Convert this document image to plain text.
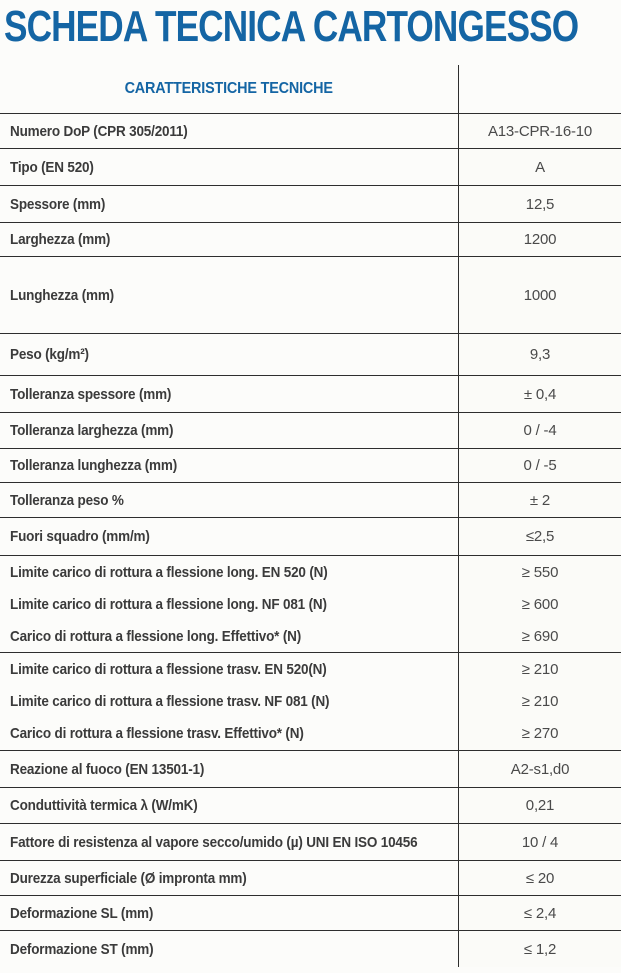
SCHEDA TECNICA CARTONGESSO
CARATTERISTICHE TECNICHE
Numero DoP (CPR 305/2011)	A13-CPR-16-10
Tipo (EN 520)	A
Spessore (mm)	12,5
Larghezza (mm)	1200
Lunghezza (mm)	1000
Peso (kg/m²)	9,3
Tolleranza spessore (mm)	± 0,4
Tolleranza larghezza (mm)	0 / -4
Tolleranza lunghezza (mm)	0 / -5
Tolleranza peso %	± 2
Fuori squadro (mm/m)	≤2,5
Limite carico di rottura a flessione long. EN 520 (N)	≥ 550
Limite carico di rottura a flessione long. NF 081 (N)	≥ 600
Carico di rottura a flessione long. Effettivo* (N)	≥ 690
Limite carico di rottura a flessione trasv. EN 520(N)	≥ 210
Limite carico di rottura a flessione trasv. NF 081 (N)	≥ 210
Carico di rottura a flessione trasv. Effettivo* (N)	≥ 270
Reazione al fuoco (EN 13501-1)	A2-s1,d0
Conduttività termica λ (W/mK)	0,21
Fattore di resistenza al vapore secco/umido (µ) UNI EN ISO 10456	10 / 4
Durezza superficiale (Ø impronta mm)	≤ 20
Deformazione SL (mm)	≤ 2,4
Deformazione ST (mm)	≤ 1,2
